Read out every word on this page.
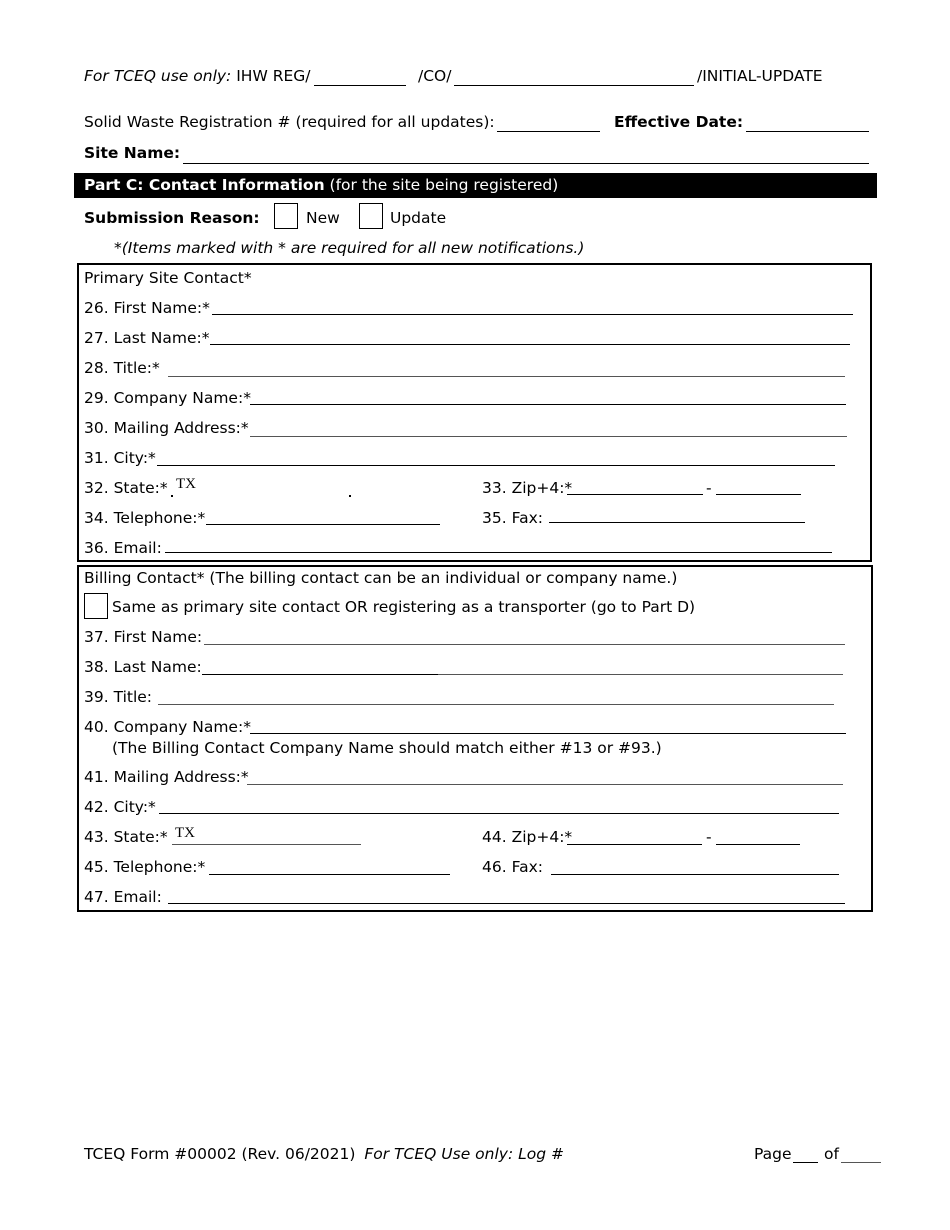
For TCEQ use only: IHW REG/	/CO/	/INITIAL-UPDATE
Solid Waste Registration # (required for all updates):	Effective Date:
Site Name:
Part C: Contact Information (for the site being registered)
Submission Reason:	New	Update
*(Items marked with * are required for all new notifications.)
Primary Site Contact*
26. First Name:*
27. Last Name:*
28. Title:*
29. Company Name:*
30. Mailing Address:*
31. City:*
32. State:* TX	33. Zip+4:*	-
34. Telephone:*	35. Fax:
36. Email:
Billing Contact* (The billing contact can be an individual or company name.)
Same as primary site contact OR registering as a transporter (go to Part D)
37. First Name:
38. Last Name:
39. Title:
40. Company Name:*
(The Billing Contact Company Name should match either #13 or #93.)
41. Mailing Address:*
42. City:*
43. State:* TX	44. Zip+4:*	-
45. Telephone:*	46. Fax:
47. Email:
TCEQ Form #00002 (Rev. 06/2021) For TCEQ Use only: Log #	Page of
